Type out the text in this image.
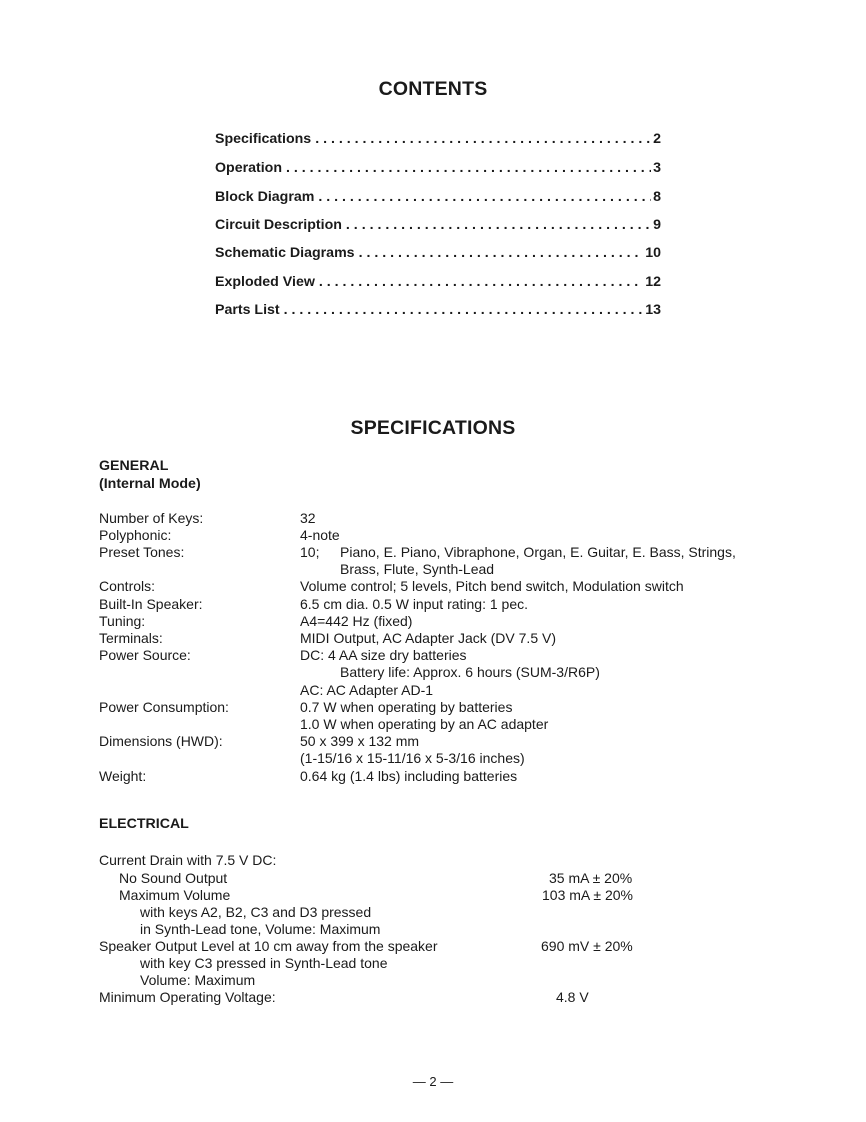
CONTENTS
Specifications . . .	2
Operation . . .	3
Block Diagram . . .	8
Circuit Description . . .	9
Schematic Diagrams . . .	10
Exploded View . . .	12
Parts List . . .	13
SPECIFICATIONS
GENERAL
(Internal Mode)
Number of Keys:	32
Polyphonic:	4-note
Preset Tones:	10; Piano, E. Piano, Vibraphone, Organ, E. Guitar, E. Bass, Strings,
Brass, Flute, Synth-Lead
Controls:	Volume control; 5 levels, Pitch bend switch, Modulation switch
Built-In Speaker:	6.5 cm dia. 0.5 W input rating: 1 pec.
Tuning:	A4=442 Hz (fixed)
Terminals:	MIDI Output, AC Adapter Jack (DV 7.5 V)
Power Source:	DC: 4 AA size dry batteries
Battery life: Approx. 6 hours (SUM-3/R6P)
AC: AC Adapter AD-1
Power Consumption:	0.7 W when operating by batteries
1.0 W when operating by an AC adapter
Dimensions (HWD):	50 x 399 x 132 mm
(1-15/16 x 15-11/16 x 5-3/16 inches)
Weight:	0.64 kg (1.4 lbs) including batteries
ELECTRICAL
Current Drain with 7.5 V DC:
No Sound Output	35 mA ± 20%
Maximum Volume	103 mA ± 20%
with keys A2, B2, C3 and D3 pressed
in Synth-Lead tone, Volume: Maximum
Speaker Output Level at 10 cm away from the speaker	690 mV ± 20%
with key C3 pressed in Synth-Lead tone
Volume: Maximum
Minimum Operating Voltage:	4.8 V
— 2 —
